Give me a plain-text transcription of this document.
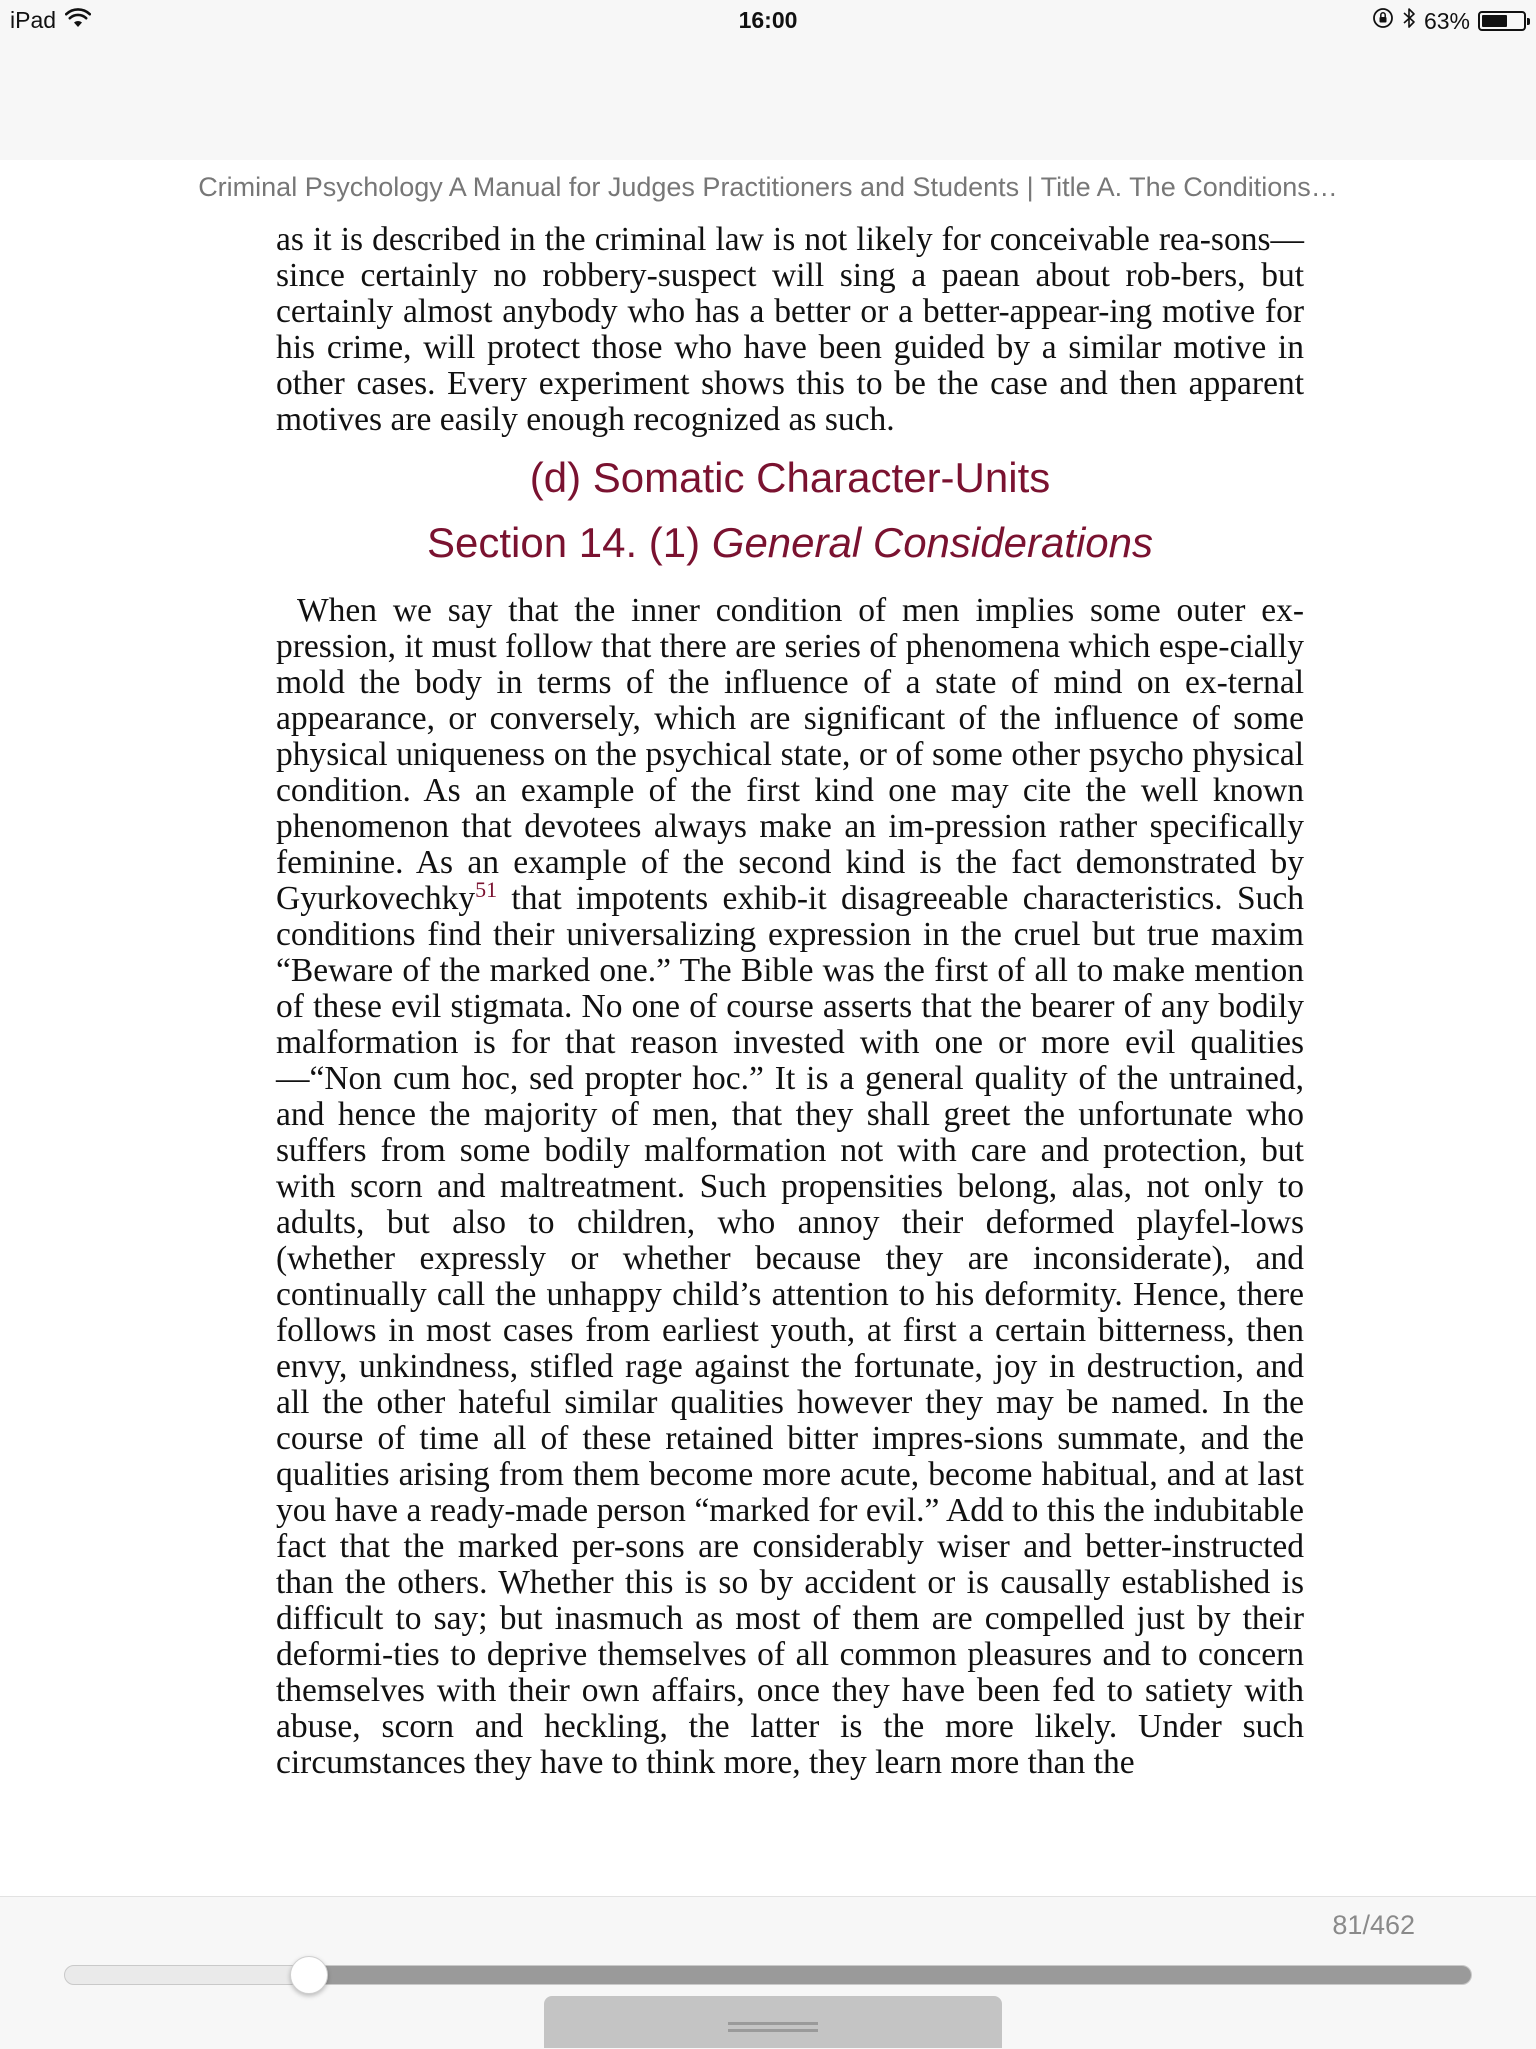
iPad	16:00	63%
Criminal Psychology A Manual for Judges Practitioners and Students | Title A. The Conditions…

as it is described in the criminal law is not likely for conceivable rea-sons—since certainly no robbery-suspect will sing a paean about rob-bers, but certainly almost anybody who has a better or a better-appear-ing motive for his crime, will protect those who have been guided by a similar motive in other cases. Every experiment shows this to be the case and then apparent motives are easily enough recognized as such.

(d) Somatic Character-Units
Section 14. (1) General Considerations

When we say that the inner condition of men implies some outer ex-pression, it must follow that there are series of phenomena which espe-cially mold the body in terms of the influence of a state of mind on ex-ternal appearance, or conversely, which are significant of the influence of some physical uniqueness on the psychical state, or of some other psycho physical condition. As an example of the first kind one may cite the well known phenomenon that devotees always make an im-pression rather specifically feminine. As an example of the second kind is the fact demonstrated by Gyurkovechky$^{51}$ that impotents exhib-it disagreeable characteristics. Such conditions find their universalizing expression in the cruel but true maxim “Beware of the marked one.” The Bible was the first of all to make mention of these evil stigmata. No one of course asserts that the bearer of any bodily malformation is for that reason invested with one or more evil qualities—“Non cum hoc, sed propter hoc.” It is a general quality of the untrained, and hence the majority of men, that they shall greet the unfortunate who suffers from some bodily malformation not with care and protection, but with scorn and maltreatment. Such propensities belong, alas, not only to adults, but also to children, who annoy their deformed playfel-lows (whether expressly or whether because they are inconsiderate), and continually call the unhappy child’s attention to his deformity. Hence, there follows in most cases from earliest youth, at first a certain bitterness, then envy, unkindness, stifled rage against the fortunate, joy in destruction, and all the other hateful similar qualities however they may be named. In the course of time all of these retained bitter impres-sions summate, and the qualities arising from them become more acute, become habitual, and at last you have a ready-made person “marked for evil.” Add to this the indubitable fact that the marked per-sons are considerably wiser and better-instructed than the others. Whether this is so by accident or is causally established is difficult to say; but inasmuch as most of them are compelled just by their deformi-ties to deprive themselves of all common pleasures and to concern themselves with their own affairs, once they have been fed to satiety with abuse, scorn and heckling, the latter is the more likely. Under such circumstances they have to think more, they learn more than the

81/462
